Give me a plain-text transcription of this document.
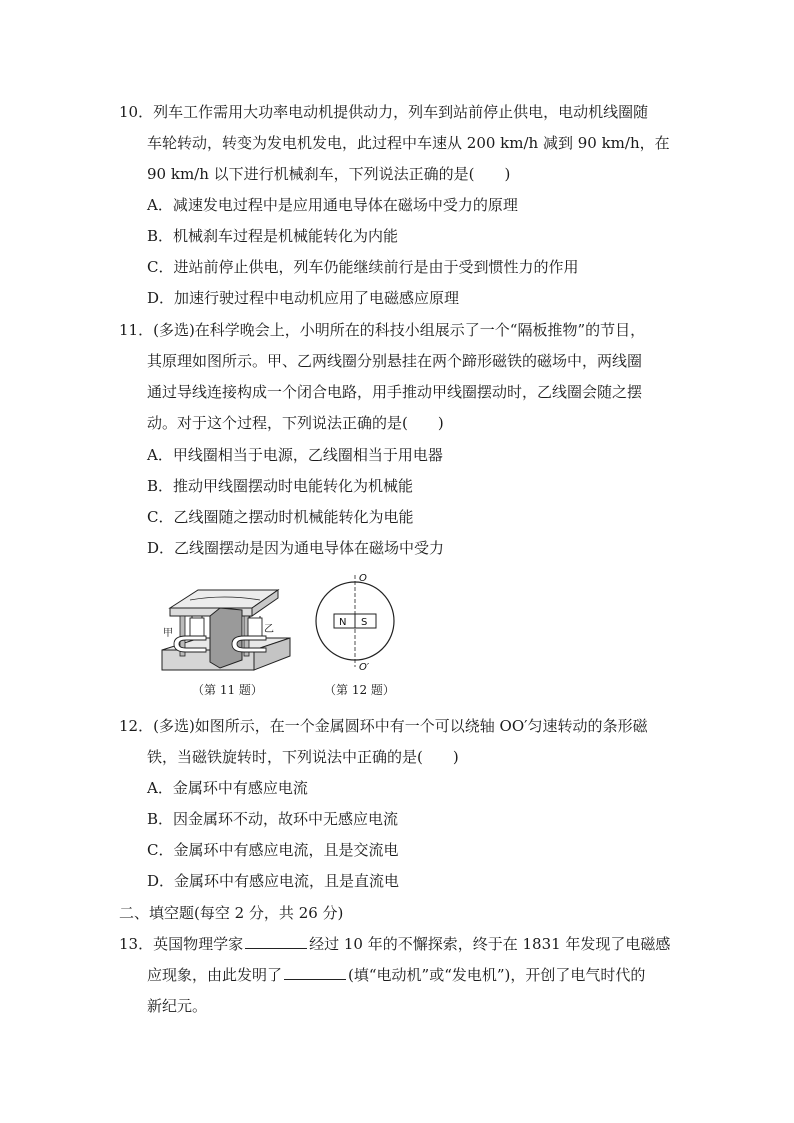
10．列车工作需用大功率电动机提供动力，列车到站前停止供电，电动机线圈随
车轮转动，转变为发电机发电，此过程中车速从 200 km/h 减到 90 km/h，在
90 km/h 以下进行机械刹车，下列说法正确的是(　　)
A．减速发电过程中是应用通电导体在磁场中受力的原理
B．机械刹车过程是机械能转化为内能
C．进站前停止供电，列车仍能继续前行是由于受到惯性力的作用
D．加速行驶过程中电动机应用了电磁感应原理
11．(多选)在科学晚会上，小明所在的科技小组展示了一个“隔板推物”的节目，
其原理如图所示。甲、乙两线圈分别悬挂在两个蹄形磁铁的磁场中，两线圈
通过导线连接构成一个闭合电路，用手推动甲线圈摆动时，乙线圈会随之摆
动。对于这个过程，下列说法正确的是(　　)
A．甲线圈相当于电源，乙线圈相当于用电器
B．推动甲线圈摆动时电能转化为机械能
C．乙线圈随之摆动时机械能转化为电能
D．乙线圈摆动是因为通电导体在磁场中受力
甲	乙
（第 11 题）
N S
O
O′
（第 12 题）
12．(多选)如图所示，在一个金属圆环中有一个可以绕轴 OO′匀速转动的条形磁
铁，当磁铁旋转时，下列说法中正确的是(　　)
A．金属环中有感应电流
B．因金属环不动，故环中无感应电流
C．金属环中有感应电流，且是交流电
D．金属环中有感应电流，且是直流电
二、填空题(每空 2 分，共 26 分)
13．英国物理学家	经过 10 年的不懈探索，终于在 1831 年发现了电磁感
应现象，由此发明了	(填“电动机”或“发电机”)，开创了电气时代的
新纪元。
